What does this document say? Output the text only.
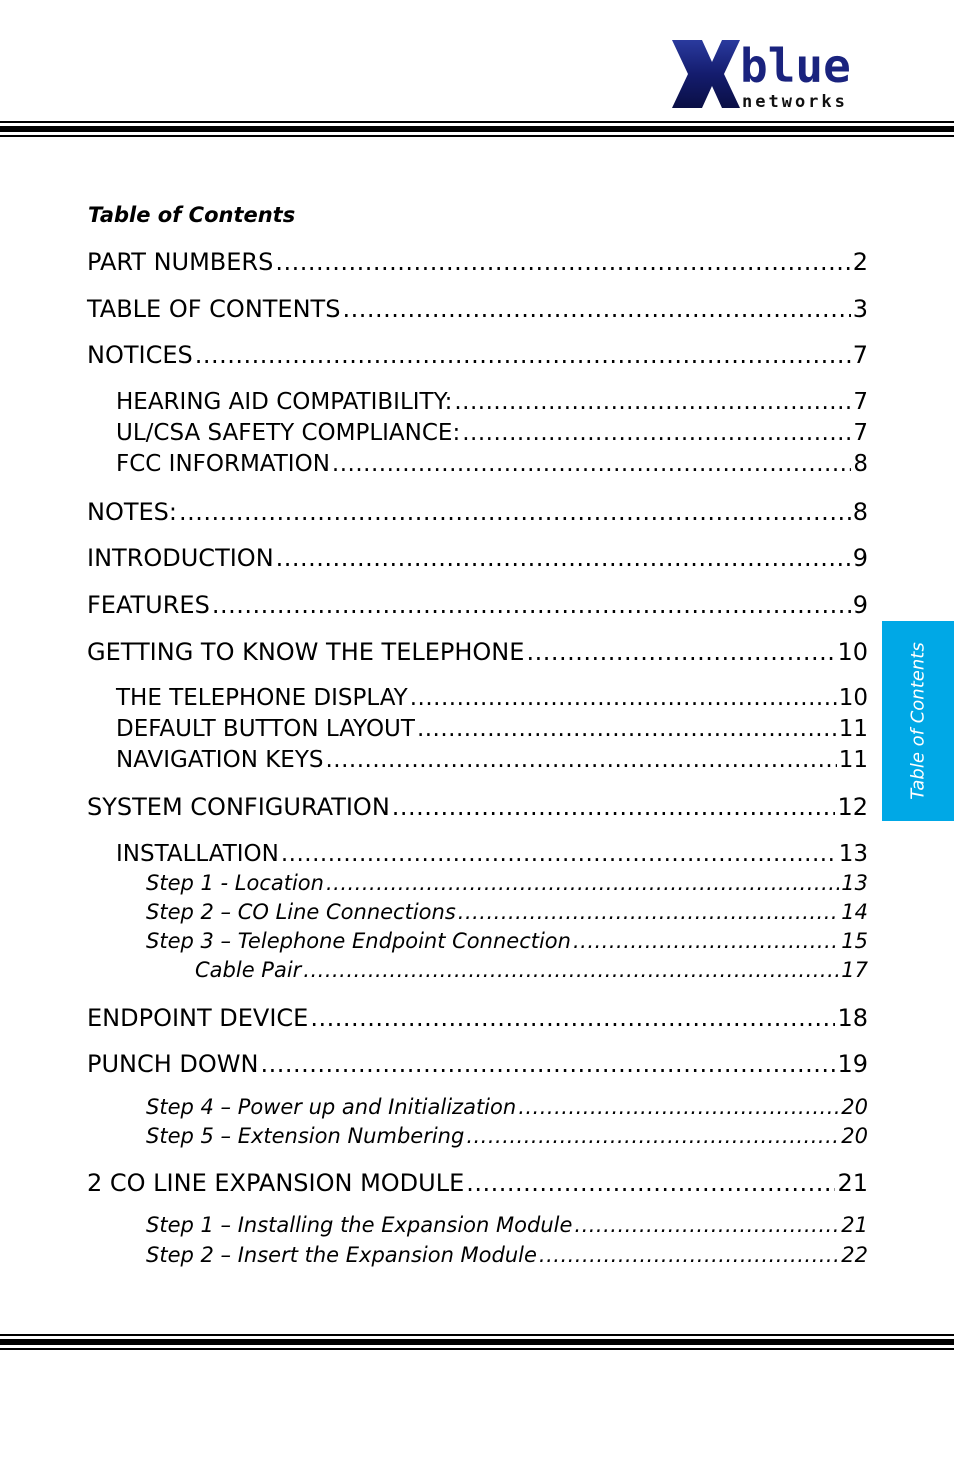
blue
networks
Table of Contents
Table of Contents
PART NUMBERS .....	2
TABLE OF CONTENTS .....	3
NOTICES .....	7
HEARING AID COMPATIBILITY: .....	7
UL/CSA SAFETY COMPLIANCE: .....	7
FCC INFORMATION .....	8
NOTES: .....	8
INTRODUCTION .....	9
FEATURES .....	9
GETTING TO KNOW THE TELEPHONE .....	10
THE TELEPHONE DISPLAY .....	10
DEFAULT BUTTON LAYOUT .....	11
NAVIGATION KEYS .....	11
SYSTEM CONFIGURATION .....	12
INSTALLATION .....	13
Step 1 - Location .....	13
Step 2 – CO Line Connections .....	14
Step 3 – Telephone Endpoint Connection .....	15
Cable Pair .....	17
ENDPOINT DEVICE .....	18
PUNCH DOWN .....	19
Step 4 – Power up and Initialization .....	20
Step 5 – Extension Numbering .....	20
2 CO LINE EXPANSION MODULE .....	21
Step 1 – Installing the Expansion Module .....	21
Step 2 – Insert the Expansion Module .....	22
